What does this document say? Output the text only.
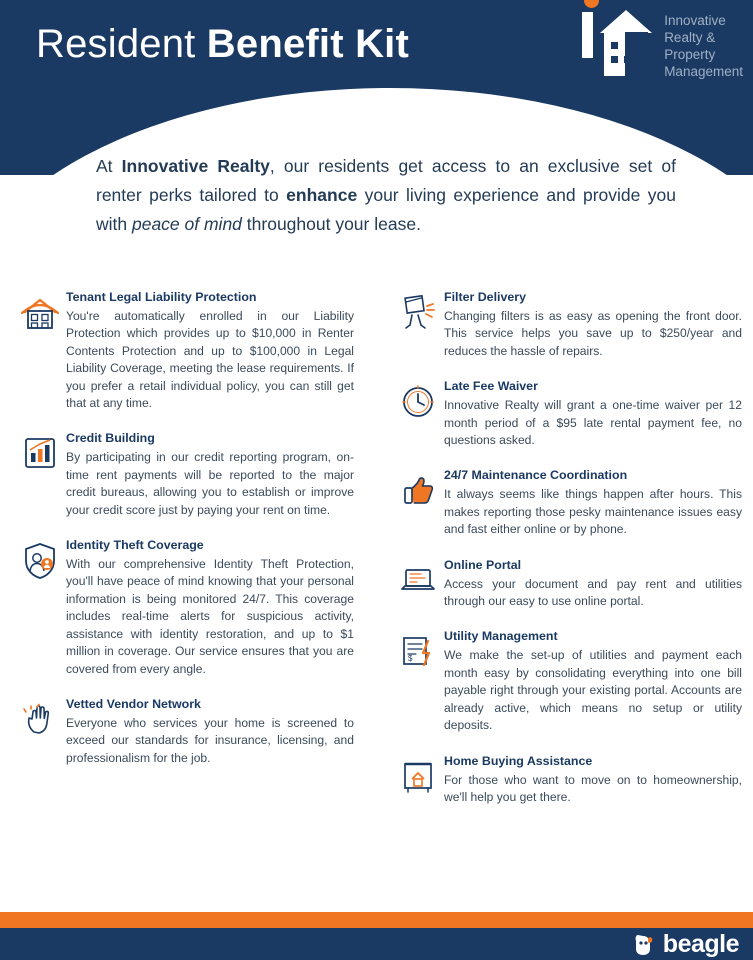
Resident Benefit Kit
Innovative
Realty &
Property
Management
At Innovative Realty, our residents get access to an exclusive set of renter perks tailored to enhance your living experience and provide you with peace of mind throughout your lease.
Tenant Legal Liability Protection
You're automatically enrolled in our Liability Protection which provides up to $10,000 in Renter Contents Protection and up to $100,000 in Legal Liability Coverage, meeting the lease requirements. If you prefer a retail individual policy, you can still get that at any time.
Credit Building
By participating in our credit reporting program, on-time rent payments will be reported to the major credit bureaus, allowing you to establish or improve your credit score just by paying your rent on time.
Identity Theft Coverage
With our comprehensive Identity Theft Protection, you'll have peace of mind knowing that your personal information is being monitored 24/7. This coverage includes real-time alerts for suspicious activity, assistance with identity restoration, and up to $1 million in coverage. Our service ensures that you are covered from every angle.
Vetted Vendor Network
Everyone who services your home is screened to exceed our standards for insurance, licensing, and professionalism for the job.
Filter Delivery
Changing filters is as easy as opening the front door. This service helps you save up to $250/year and reduces the hassle of repairs.
Late Fee Waiver
Innovative Realty will grant a one-time waiver per 12 month period of a $95 late rental payment fee, no questions asked.
24/7 Maintenance Coordination
It always seems like things happen after hours. This makes reporting those pesky maintenance issues easy and fast either online or by phone.
Online Portal
Access your document and pay rent and utilities through our easy to use online portal.
$
Utility Management
We make the set-up of utilities and payment each month easy by consolidating everything into one bill payable right through your existing portal. Accounts are already active, which means no setup or utility deposits.
Home Buying Assistance
For those who want to move on to homeownership, we'll help you get there.
beagle
